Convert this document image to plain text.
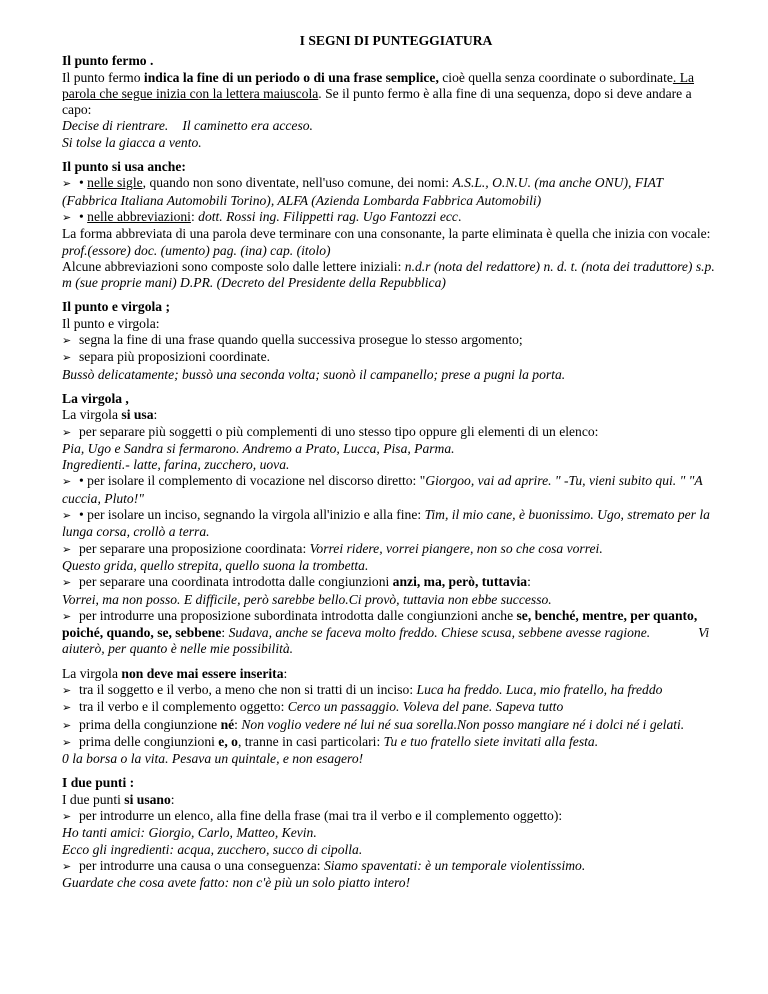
I SEGNI DI PUNTEGGIATURA
Il punto fermo .
Il punto fermo indica la fine di un periodo o di una frase semplice, cioè quella senza coordinate o subordinate. La parola che segue inizia con la lettera maiuscola. Se il punto fermo è alla fine di una sequenza, dopo si deve andare a capo:
Decise di rientrare. Il caminetto era acceso.
Si tolse la giacca a vento.
Il punto si usa anche:
➢ • nelle sigle, quando non sono diventate, nell'uso comune, dei nomi: A.S.L., O.N.U. (ma anche ONU), FIAT (Fabbrica Italiana Automobili Torino), ALFA (Azienda Lombarda Fabbrica Automobili)
➢ • nelle abbreviazioni: dott. Rossi ing. Filippetti rag. Ugo Fantozzi ecc.
La forma abbreviata di una parola deve terminare con una consonante, la parte eliminata è quella che inizia con vocale: prof.(essore) doc. (umento) pag. (ina) cap. (itolo)
Alcune abbreviazioni sono composte solo dalle lettere iniziali: n.d.r (nota del redattore) n. d. t. (nota dei traduttore) s.p. m (sue proprie mani) D.PR. (Decreto del Presidente della Repubblica)
Il punto e virgola ;
Il punto e virgola:
➢ segna la fine di una frase quando quella successiva prosegue lo stesso argomento;
➢ separa più proposizioni coordinate.
Bussò delicatamente; bussò una seconda volta; suonò il campanello; prese a pugni la porta.
La virgola ,
La virgola si usa:
➢ per separare più soggetti o più complementi di uno stesso tipo oppure gli elementi di un elenco:
Pia, Ugo e Sandra si fermarono. Andremo a Prato, Lucca, Pisa, Parma.
Ingredienti.- latte, farina, zucchero, uova.
➢ • per isolare il complemento di vocazione nel discorso diretto: "Giorgoo, vai ad aprire. " -Tu, vieni subito qui. " "A cuccia, Pluto!"
➢ • per isolare un inciso, segnando la virgola all'inizio e alla fine: Tim, il mio cane, è buonissimo. Ugo, stremato per la lunga corsa, crollò a terra.
➢ per separare una proposizione coordinata: Vorrei ridere, vorrei piangere, non so che cosa vorrei.
Questo grida, quello strepita, quello suona la trombetta.
➢ per separare una coordinata introdotta dalle congiunzioni anzi, ma, però, tuttavia:
Vorrei, ma non posso. E difficile, però sarebbe bello.Ci provò, tuttavia non ebbe successo.
➢ per introdurre una proposizione subordinata introdotta dalle congiunzioni anche se, benché, mentre, per quanto, poiché, quando, se, sebbene: Sudava, anche se faceva molto freddo. Chiese scusa, sebbene avesse ragione.	Vi aiuterò, per quanto è nelle mie possibilità.
La virgola non deve mai essere inserita:
➢ tra il soggetto e il verbo, a meno che non si tratti di un inciso: Luca ha freddo. Luca, mio fratello, ha freddo
➢ tra il verbo e il complemento oggetto: Cerco un passaggio. Voleva del pane. Sapeva tutto
➢ prima della congiunzione né: Non voglio vedere né lui né sua sorella.Non posso mangiare né i dolci né i gelati.
➢ prima delle congiunzioni e, o, tranne in casi particolari: Tu e tuo fratello siete invitati alla festa.
0 la borsa o la vita. Pesava un quintale, e non esagero!
I due punti :
I due punti si usano:
➢ per introdurre un elenco, alla fine della frase (mai tra il verbo e il complemento oggetto):
Ho tanti amici: Giorgio, Carlo, Matteo, Kevin.
Ecco gli ingredienti: acqua, zucchero, succo di cipolla.
➢ per introdurre una causa o una conseguenza: Siamo spaventati: è un temporale violentissimo.
Guardate che cosa avete fatto: non c'è più un solo piatto intero!
